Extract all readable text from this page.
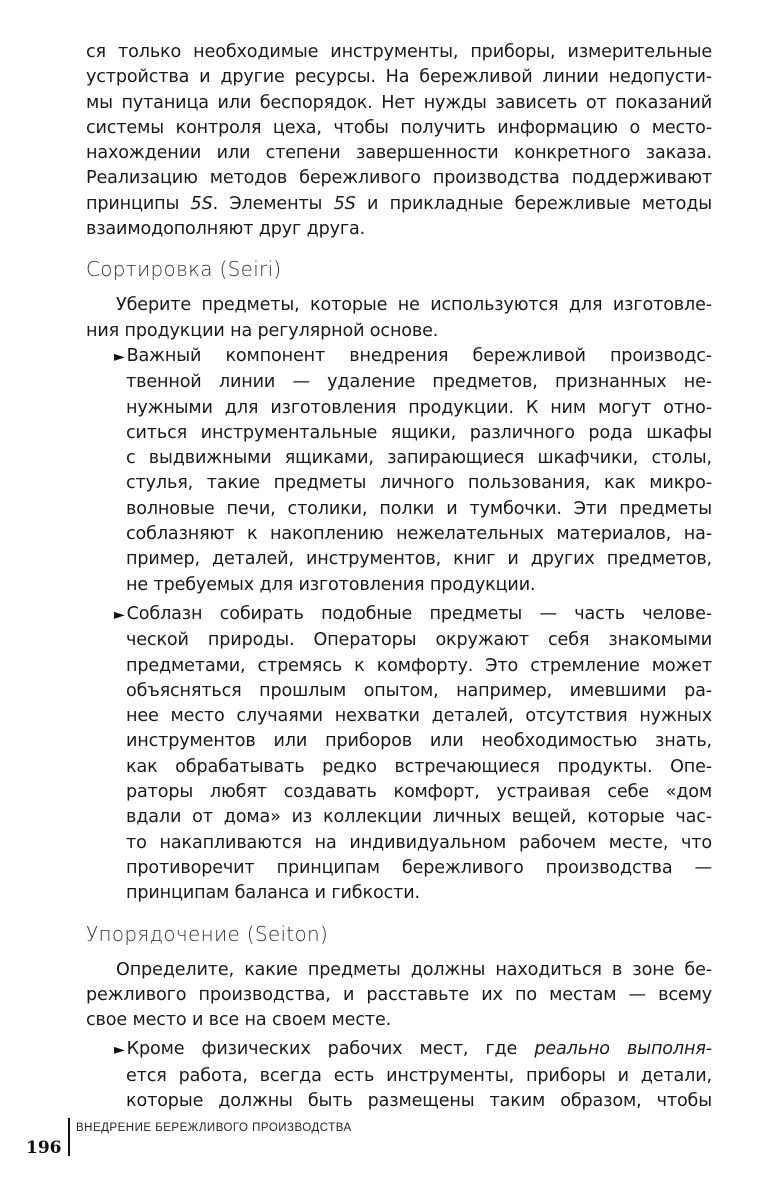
ся только необходимые инструменты, приборы, измерительные
устройства и другие ресурсы. На бережливой линии недопусти-
мы путаница или беспорядок. Нет нужды зависеть от показаний
системы контроля цеха, чтобы получить информацию о место-
нахождении или степени завершенности конкретного заказа.
Реализацию методов бережливого производства поддерживают
принципы 5S. Элементы 5S и прикладные бережливые методы
взаимодополняют друг друга.
Сортировка (Seiri)
Уберите предметы, которые не используются для изготовле-
ния продукции на регулярной основе.
► Важный компонент внедрения бережливой производс-
твенной линии — удаление предметов, признанных не-
нужными для изготовления продукции. К ним могут отно-
ситься инструментальные ящики, различного рода шкафы
с выдвижными ящиками, запирающиеся шкафчики, столы,
стулья, такие предметы личного пользования, как микро-
волновые печи, столики, полки и тумбочки. Эти предметы
соблазняют к накоплению нежелательных материалов, на-
пример, деталей, инструментов, книг и других предметов,
не требуемых для изготовления продукции.
► Соблазн собирать подобные предметы — часть челове-
ческой природы. Операторы окружают себя знакомыми
предметами, стремясь к комфорту. Это стремление может
объясняться прошлым опытом, например, имевшими ра-
нее место случаями нехватки деталей, отсутствия нужных
инструментов или приборов или необходимостью знать,
как обрабатывать редко встречающиеся продукты. Опе-
раторы любят создавать комфорт, устраивая себе «дом
вдали от дома» из коллекции личных вещей, которые час-
то накапливаются на индивидуальном рабочем месте, что
противоречит принципам бережливого производства —
принципам баланса и гибкости.
Упорядочение (Seiton)
Определите, какие предметы должны находиться в зоне бе-
режливого производства, и расставьте их по местам — всему
свое место и все на своем месте.
► Кроме физических рабочих мест, где реально выполня-
ется работа, всегда есть инструменты, приборы и детали,
которые должны быть размещены таким образом, чтобы
196
ВНЕДРЕНИЕ БЕРЕЖЛИВОГО ПРОИЗВОДСТВА
